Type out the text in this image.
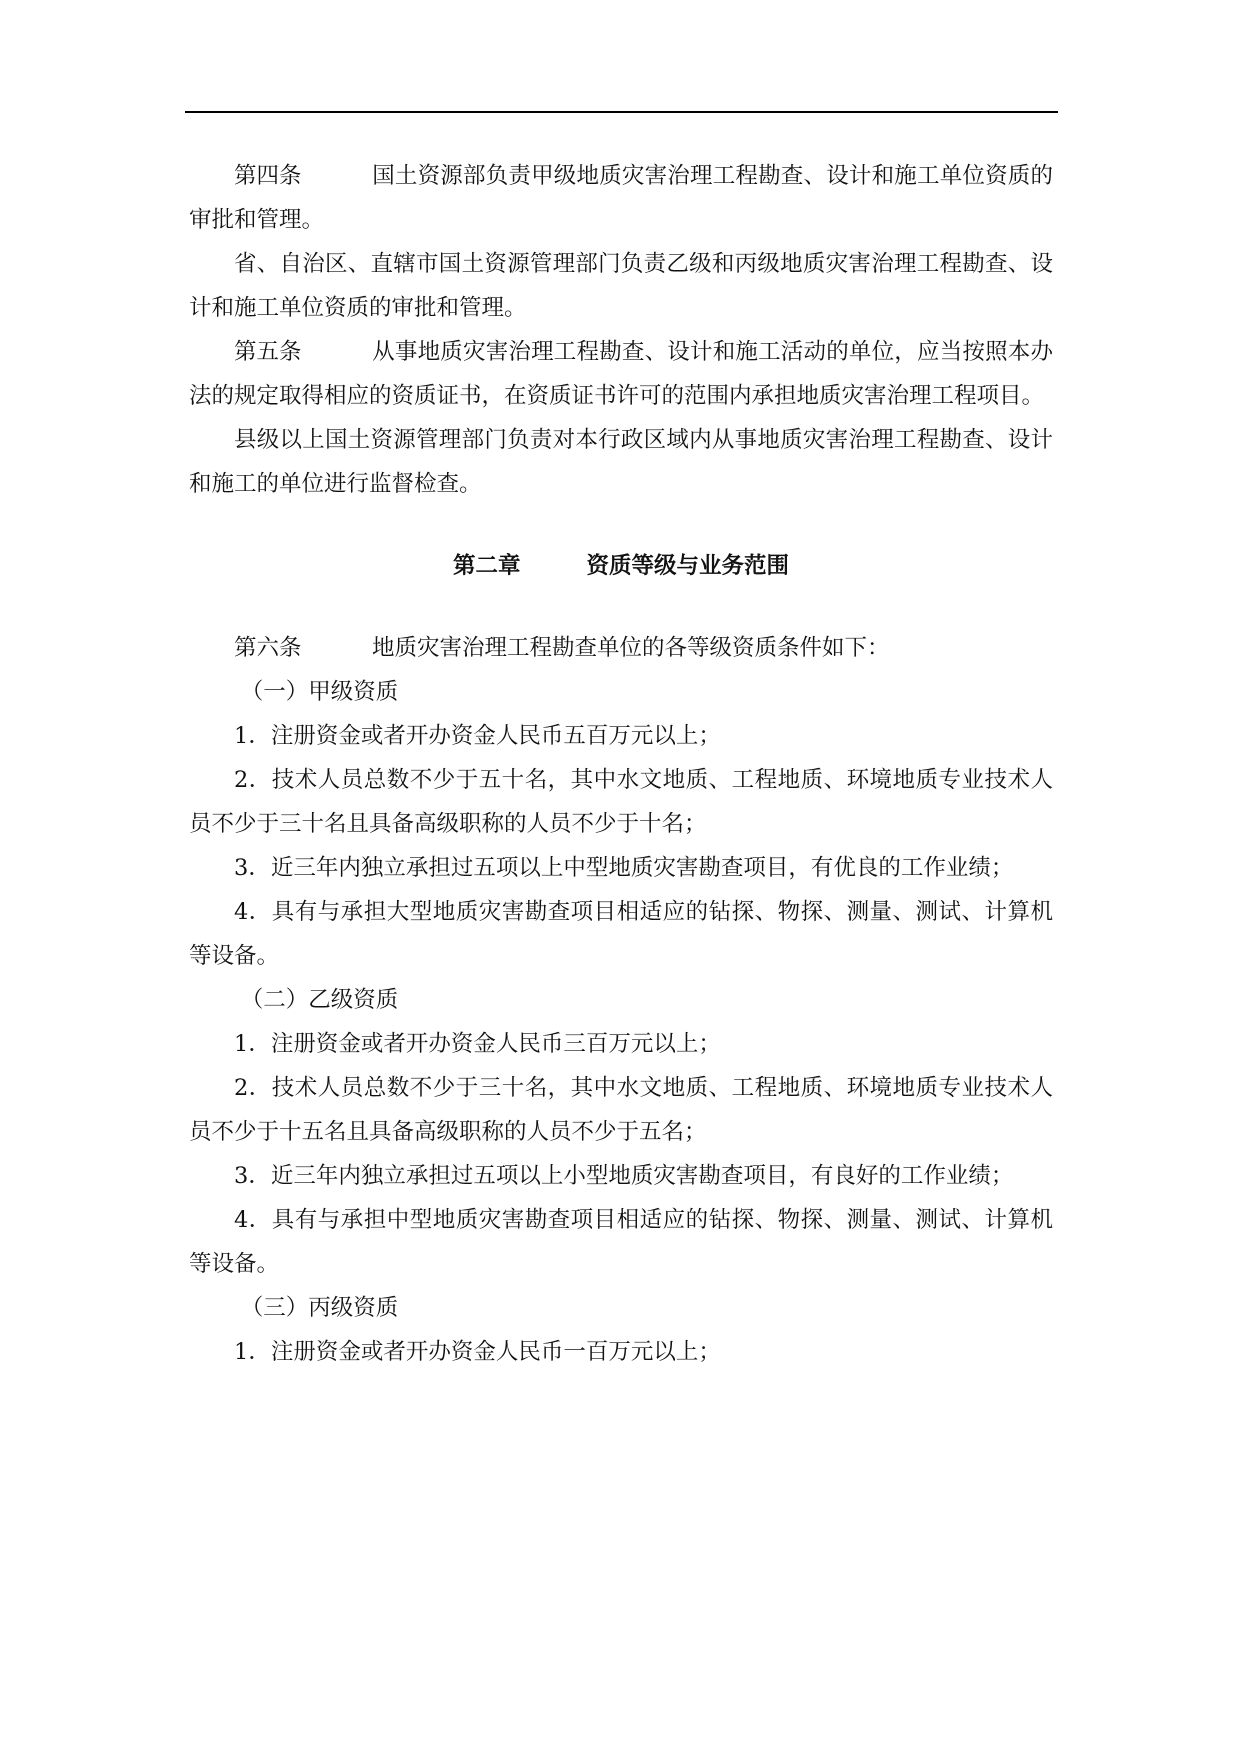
第四条	国土资源部负责甲级地质灾害治理工程勘查、设计和施工单位资质的审批和管理。

省、自治区、直辖市国土资源管理部门负责乙级和丙级地质灾害治理工程勘查、设计和施工单位资质的审批和管理。

第五条	从事地质灾害治理工程勘查、设计和施工活动的单位，应当按照本办法的规定取得相应的资质证书，在资质证书许可的范围内承担地质灾害治理工程项目。

县级以上国土资源管理部门负责对本行政区域内从事地质灾害治理工程勘查、设计和施工的单位进行监督检查。

第二章	资质等级与业务范围

第六条	地质灾害治理工程勘查单位的各等级资质条件如下：

（一）甲级资质

1．注册资金或者开办资金人民币五百万元以上；

2．技术人员总数不少于五十名，其中水文地质、工程地质、环境地质专业技术人员不少于三十名且具备高级职称的人员不少于十名；

3．近三年内独立承担过五项以上中型地质灾害勘查项目，有优良的工作业绩；

4．具有与承担大型地质灾害勘查项目相适应的钻探、物探、测量、测试、计算机等设备。

（二）乙级资质

1．注册资金或者开办资金人民币三百万元以上；

2．技术人员总数不少于三十名，其中水文地质、工程地质、环境地质专业技术人员不少于十五名且具备高级职称的人员不少于五名；

3．近三年内独立承担过五项以上小型地质灾害勘查项目，有良好的工作业绩；

4．具有与承担中型地质灾害勘查项目相适应的钻探、物探、测量、测试、计算机等设备。

（三）丙级资质

1．注册资金或者开办资金人民币一百万元以上；
